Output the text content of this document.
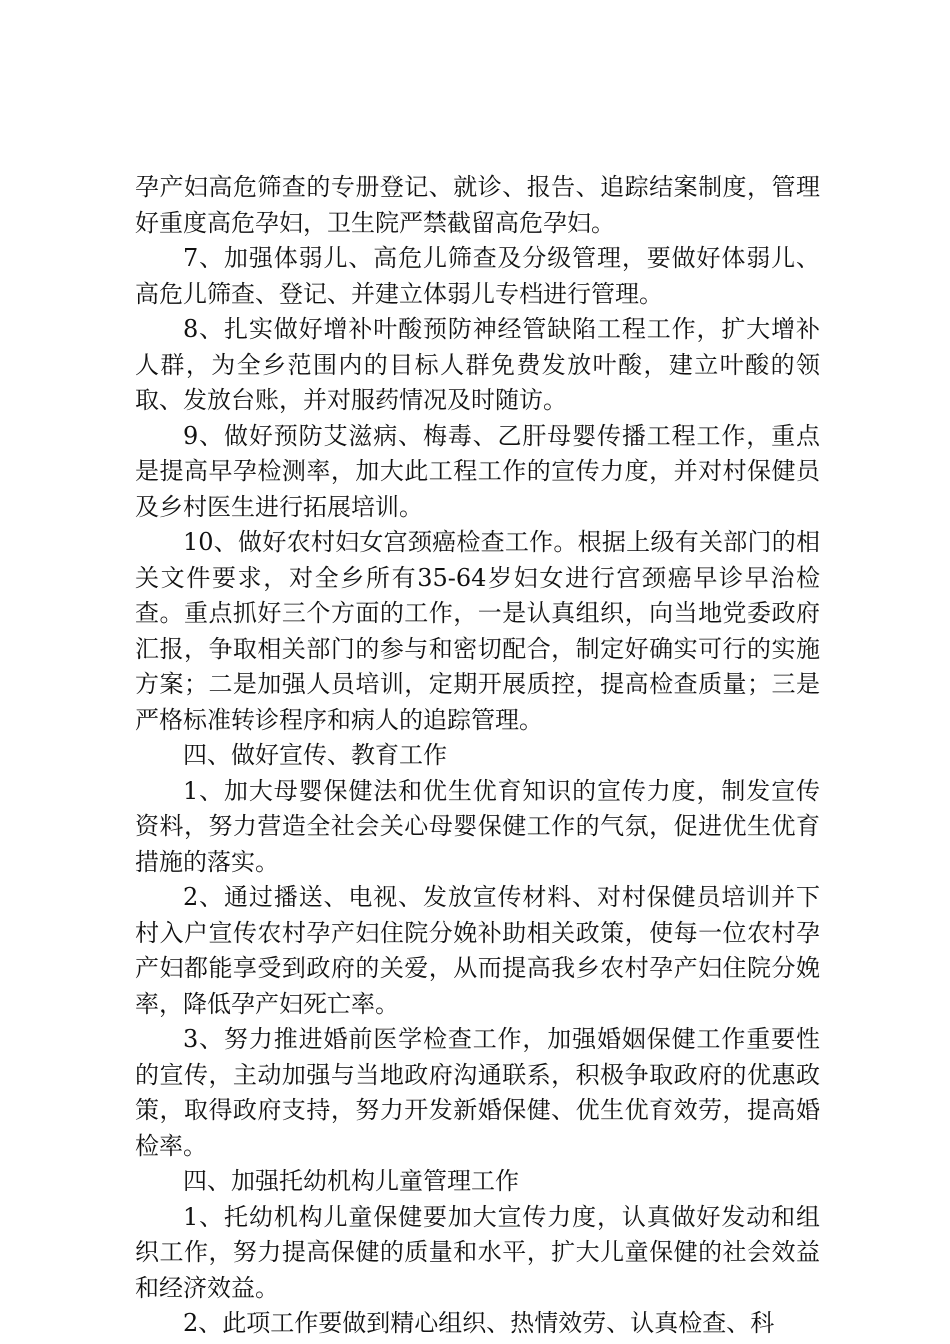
孕产妇高危筛查的专册登记、就诊、报告、追踪结案制度，管理好重度高危孕妇，卫生院严禁截留高危孕妇。

7、加强体弱儿、高危儿筛查及分级管理，要做好体弱儿、高危儿筛查、登记、并建立体弱儿专档进行管理。

8、扎实做好增补叶酸预防神经管缺陷工程工作，扩大增补人群，为全乡范围内的目标人群免费发放叶酸，建立叶酸的领取、发放台账，并对服药情况及时随访。

9、做好预防艾滋病、梅毒、乙肝母婴传播工程工作，重点是提高早孕检测率，加大此工程工作的宣传力度，并对村保健员及乡村医生进行拓展培训。

10、做好农村妇女宫颈癌检查工作。根据上级有关部门的相关文件要求，对全乡所有35-64岁妇女进行宫颈癌早诊早治检查。重点抓好三个方面的工作，一是认真组织，向当地党委政府汇报，争取相关部门的参与和密切配合，制定好确实可行的实施方案；二是加强人员培训，定期开展质控，提高检查质量；三是严格标准转诊程序和病人的追踪管理。

四、做好宣传、教育工作

1、加大母婴保健法和优生优育知识的宣传力度，制发宣传资料，努力营造全社会关心母婴保健工作的气氛，促进优生优育措施的落实。

2、通过播送、电视、发放宣传材料、对村保健员培训并下村入户宣传农村孕产妇住院分娩补助相关政策，使每一位农村孕产妇都能享受到政府的关爱，从而提高我乡农村孕产妇住院分娩率，降低孕产妇死亡率。

3、努力推进婚前医学检查工作，加强婚姻保健工作重要性的宣传，主动加强与当地政府沟通联系，积极争取政府的优惠政策，取得政府支持，努力开发新婚保健、优生优育效劳，提高婚检率。

四、加强托幼机构儿童管理工作

1、托幼机构儿童保健要加大宣传力度，认真做好发动和组织工作，努力提高保健的质量和水平，扩大儿童保健的社会效益和经济效益。

2、此项工作要做到精心组织、热情效劳、认真检查、科
